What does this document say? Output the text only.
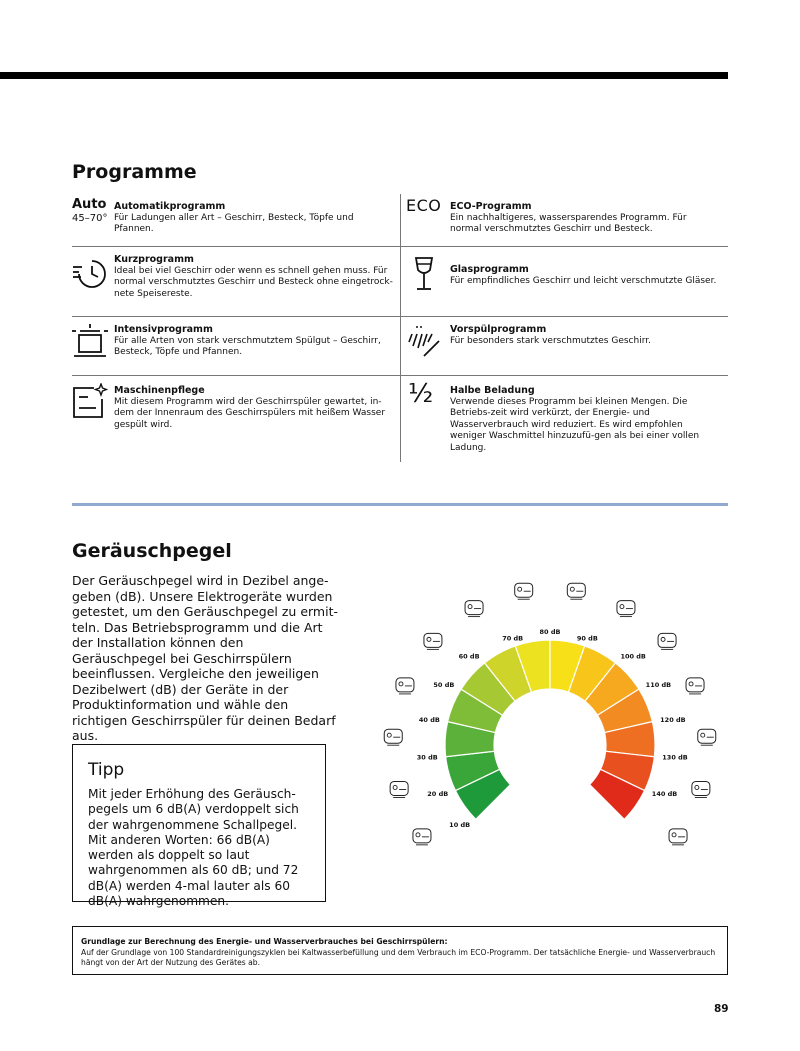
Programme
Auto
45–70°
Automatikprogramm
Für Ladungen aller Art – Geschirr, Besteck, Töpfe und Pfannen.
ECO ECO-Programm
Ein nachhaltigeres, wassersparendes Programm. Für normal verschmutztes Geschirr und Besteck.
Kurzprogramm
Ideal bei viel Geschirr oder wenn es schnell gehen muss. Für normal verschmutztes Geschirr und Besteck ohne eingetrock-nete Speisereste.
Glasprogramm
Für empfindliches Geschirr und leicht verschmutzte Gläser.
Intensivprogramm
Für alle Arten von stark verschmutztem Spülgut – Geschirr, Besteck, Töpfe und Pfannen.
Vorspülprogramm
Für besonders stark verschmutztes Geschirr.
Maschinenpflege
Mit diesem Programm wird der Geschirrspüler gewartet, in-dem der Innenraum des Geschirrspülers mit heißem Wasser gespült wird.
½ Halbe Beladung
Verwende dieses Programm bei kleinen Mengen. Die Betriebs-zeit wird verkürzt, der Energie- und Wasserverbrauch wird reduziert. Es wird empfohlen weniger Waschmittel hinzuzufü-gen als bei einer vollen Ladung.
Geräuschpegel
Der Geräuschpegel wird in Dezibel ange-geben (dB). Unsere Elektrogeräte wurden getestet, um den Geräuschpegel zu ermit-teln. Das Betriebsprogramm und die Art der Installation können den Geräuschpegel bei Geschirrspülern beeinflussen. Vergleiche den jeweiligen Dezibelwert (dB) der Geräte in der Produktinformation und wähle den richtigen Geschirrspüler für deinen Bedarf aus.
Tipp
Mit jeder Erhöhung des Geräusch-pegels um 6 dB(A) verdoppelt sich der wahrgenommene Schallpegel. Mit anderen Worten: 66 dB(A) werden als doppelt so laut wahrgenommen als 60 dB; und 72 dB(A) werden 4-mal lauter als 60 dB(A) wahrgenommen.
10 dB
20 dB
30 dB
40 dB
50 dB
60 dB
70 dB
80 dB
90 dB
100 dB
110 dB
120 dB
130 dB
140 dB
Grundlage zur Berechnung des Energie- und Wasserverbrauches bei Geschirrspülern:
Auf der Grundlage von 100 Standardreinigungszyklen bei Kaltwasserbefüllung und dem Verbrauch im ECO-Programm. Der tatsächliche Energie- und Wasserverbrauch hängt von der Art der Nutzung des Gerätes ab.
89
